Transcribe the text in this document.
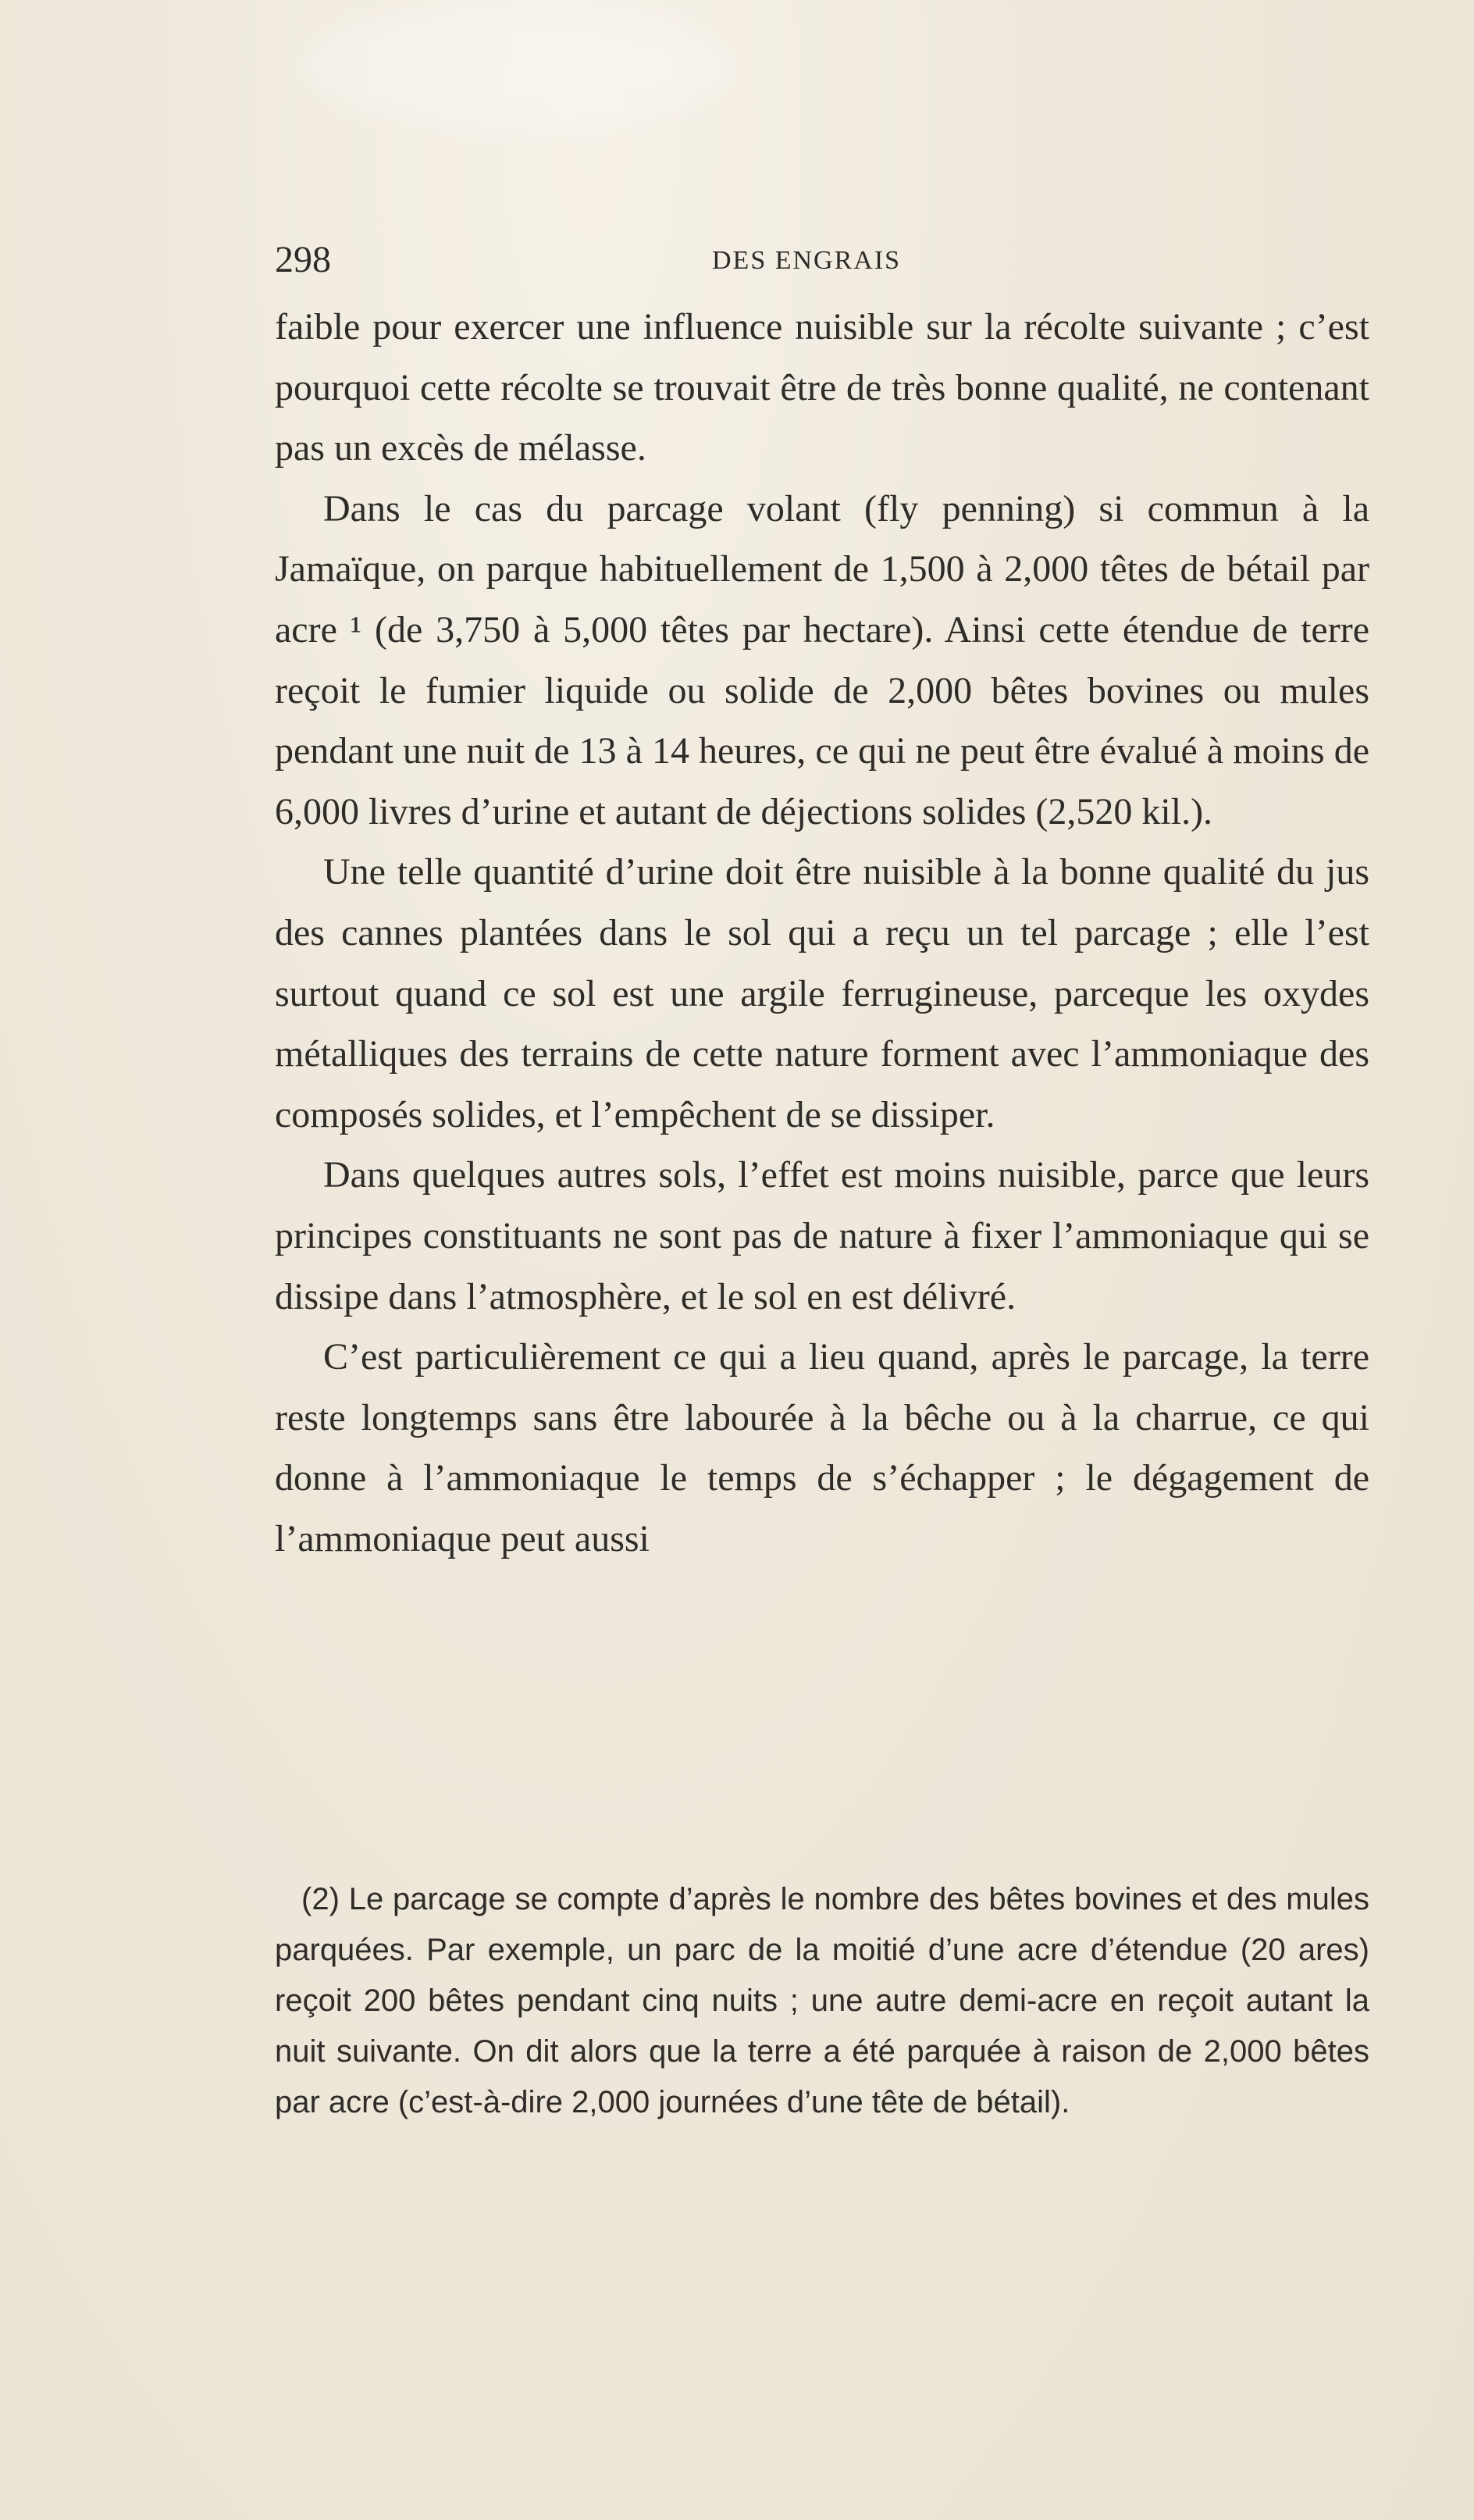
298	DES ENGRAIS

faible pour exercer une influence nuisible sur la récolte suivante ; c’est pourquoi cette récolte se trouvait être de très bonne qualité, ne contenant pas un excès de mélasse.

Dans le cas du parcage volant (fly penning) si commun à la Jamaïque, on parque habituellement de 1,500 à 2,000 têtes de bétail par acre ¹ (de 3,750 à 5,000 têtes par hectare). Ainsi cette étendue de terre reçoit le fumier liquide ou solide de 2,000 bêtes bovines ou mules pendant une nuit de 13 à 14 heures, ce qui ne peut être évalué à moins de 6,000 livres d’urine et autant de déjections solides (2,520 kil.).

Une telle quantité d’urine doit être nuisible à la bonne qualité du jus des cannes plantées dans le sol qui a reçu un tel parcage ; elle l’est surtout quand ce sol est une argile ferrugineuse, parceque les oxydes métalliques des terrains de cette nature forment avec l’ammoniaque des composés solides, et l’empêchent de se dissiper.

Dans quelques autres sols, l’effet est moins nuisible, parce que leurs principes constituants ne sont pas de nature à fixer l’ammoniaque qui se dissipe dans l’atmosphère, et le sol en est délivré.

C’est particulièrement ce qui a lieu quand, après le parcage, la terre reste longtemps sans être labourée à la bêche ou à la charrue, ce qui donne à l’ammoniaque le temps de s’échapper ; le dégagement de l’ammoniaque peut aussi

(2) Le parcage se compte d’après le nombre des bêtes bovines et des mules parquées. Par exemple, un parc de la moitié d’une acre d’étendue (20 ares) reçoit 200 bêtes pendant cinq nuits ; une autre demi-acre en reçoit autant la nuit suivante. On dit alors que la terre a été parquée à raison de 2,000 bêtes par acre (c’est-à-dire 2,000 journées d’une tête de bétail).
